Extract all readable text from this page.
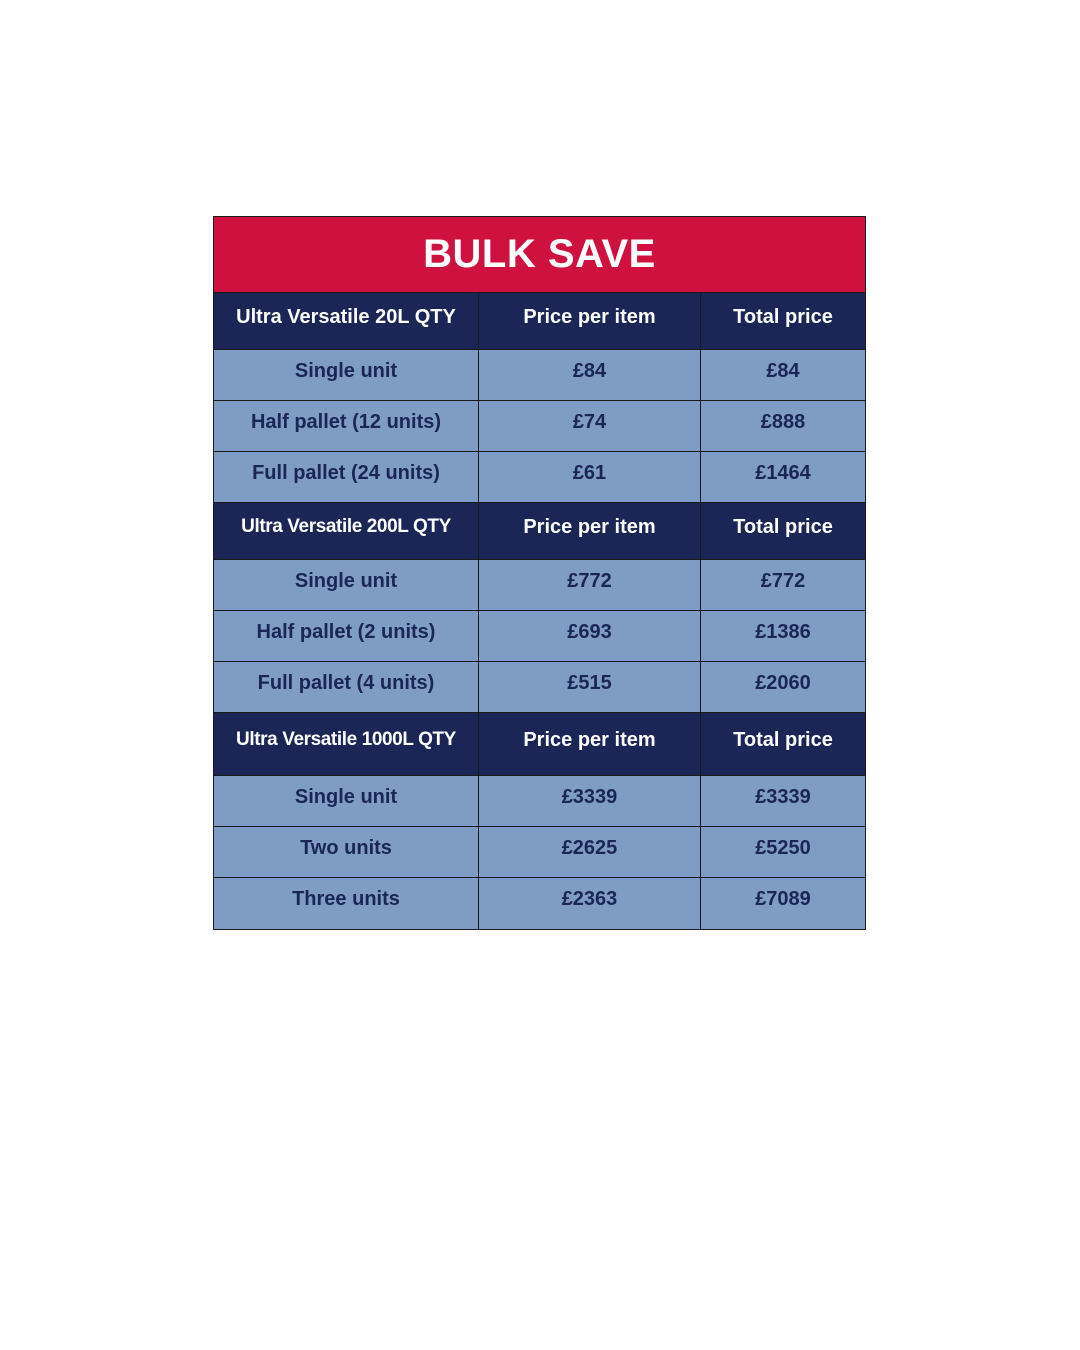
BULK SAVE
Ultra Versatile 20L QTY	Price per item	Total price
Single unit	£84	£84
Half pallet (12 units)	£74	£888
Full pallet (24 units)	£61	£1464
Ultra Versatile 200L QTY	Price per item	Total price
Single unit	£772	£772
Half pallet (2 units)	£693	£1386
Full pallet (4 units)	£515	£2060
Ultra Versatile 1000L QTY	Price per item	Total price
Single unit	£3339	£3339
Two units	£2625	£5250
Three units	£2363	£7089
